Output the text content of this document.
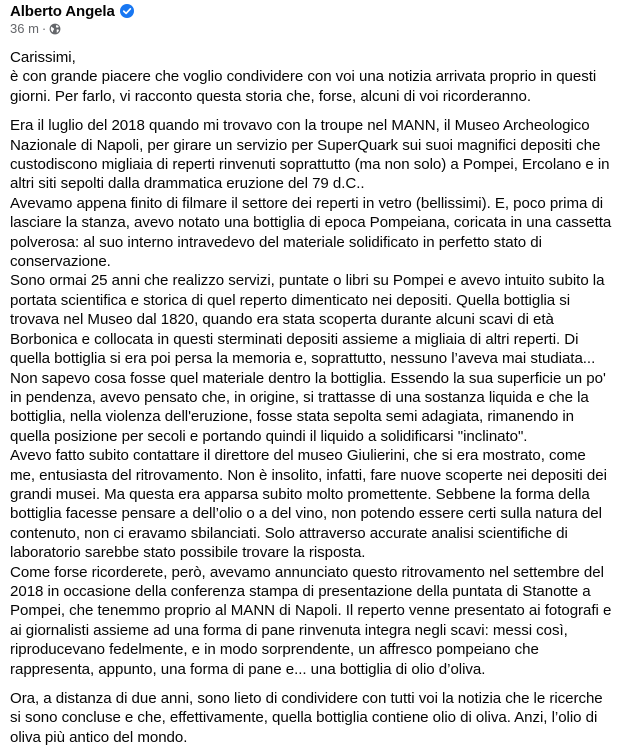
Alberto Angela
36 m ·
Carissimi,
è con grande piacere che voglio condividere con voi una notizia arrivata proprio in questi
giorni. Per farlo, vi racconto questa storia che, forse, alcuni di voi ricorderanno.
Era il luglio del 2018 quando mi trovavo con la troupe nel MANN, il Museo Archeologico
Nazionale di Napoli, per girare un servizio per SuperQuark sui suoi magnifici depositi che
custodiscono migliaia di reperti rinvenuti soprattutto (ma non solo) a Pompei, Ercolano e in
altri siti sepolti dalla drammatica eruzione del 79 d.C..
Avevamo appena finito di filmare il settore dei reperti in vetro (bellissimi). E, poco prima di
lasciare la stanza, avevo notato una bottiglia di epoca Pompeiana, coricata in una cassetta
polverosa: al suo interno intravedevo del materiale solidificato in perfetto stato di
conservazione.
Sono ormai 25 anni che realizzo servizi, puntate o libri su Pompei e avevo intuito subito la
portata scientifica e storica di quel reperto dimenticato nei depositi. Quella bottiglia si
trovava nel Museo dal 1820, quando era stata scoperta durante alcuni scavi di età
Borbonica e collocata in questi sterminati depositi assieme a migliaia di altri reperti. Di
quella bottiglia si era poi persa la memoria e, soprattutto, nessuno l’aveva mai studiata...
Non sapevo cosa fosse quel materiale dentro la bottiglia. Essendo la sua superficie un po'
in pendenza, avevo pensato che, in origine, si trattasse di una sostanza liquida e che la
bottiglia, nella violenza dell'eruzione, fosse stata sepolta semi adagiata, rimanendo in
quella posizione per secoli e portando quindi il liquido a solidificarsi "inclinato".
Avevo fatto subito contattare il direttore del museo Giulierini, che si era mostrato, come
me, entusiasta del ritrovamento. Non è insolito, infatti, fare nuove scoperte nei depositi dei
grandi musei. Ma questa era apparsa subito molto promettente. Sebbene la forma della
bottiglia facesse pensare a dell’olio o a del vino, non potendo essere certi sulla natura del
contenuto, non ci eravamo sbilanciati. Solo attraverso accurate analisi scientifiche di
laboratorio sarebbe stato possibile trovare la risposta.
Come forse ricorderete, però, avevamo annunciato questo ritrovamento nel settembre del
2018 in occasione della conferenza stampa di presentazione della puntata di Stanotte a
Pompei, che tenemmo proprio al MANN di Napoli. Il reperto venne presentato ai fotografi e
ai giornalisti assieme ad una forma di pane rinvenuta integra negli scavi: messi così,
riproducevano fedelmente, e in modo sorprendente, un affresco pompeiano che
rappresenta, appunto, una forma di pane e... una bottiglia di olio d’oliva.
Ora, a distanza di due anni, sono lieto di condividere con tutti voi la notizia che le ricerche
si sono concluse e che, effettivamente, quella bottiglia contiene olio di oliva. Anzi, l’olio di
oliva più antico del mondo.
